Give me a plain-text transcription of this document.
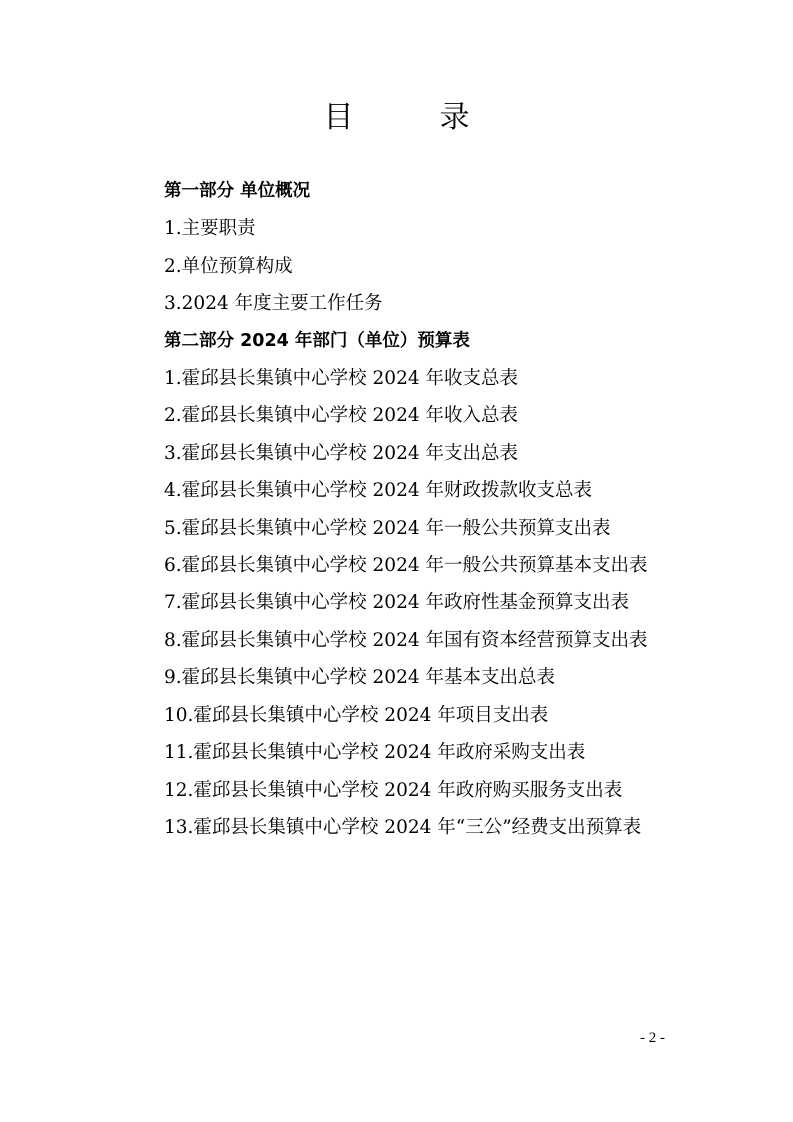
目　录

第一部分 单位概况

1.主要职责

2.单位预算构成

3.2024 年度主要工作任务

第二部分 2024 年部门（单位）预算表

1.霍邱县长集镇中心学校 2024 年收支总表

2.霍邱县长集镇中心学校 2024 年收入总表

3.霍邱县长集镇中心学校 2024 年支出总表

4.霍邱县长集镇中心学校 2024 年财政拨款收支总表

5.霍邱县长集镇中心学校 2024 年一般公共预算支出表

6.霍邱县长集镇中心学校 2024 年一般公共预算基本支出表

7.霍邱县长集镇中心学校 2024 年政府性基金预算支出表

8.霍邱县长集镇中心学校 2024 年国有资本经营预算支出表

9.霍邱县长集镇中心学校 2024 年基本支出总表

10.霍邱县长集镇中心学校 2024 年项目支出表

11.霍邱县长集镇中心学校 2024 年政府采购支出表

12.霍邱县长集镇中心学校 2024 年政府购买服务支出表

13.霍邱县长集镇中心学校 2024 年“三公”经费支出预算表

- 2 -
